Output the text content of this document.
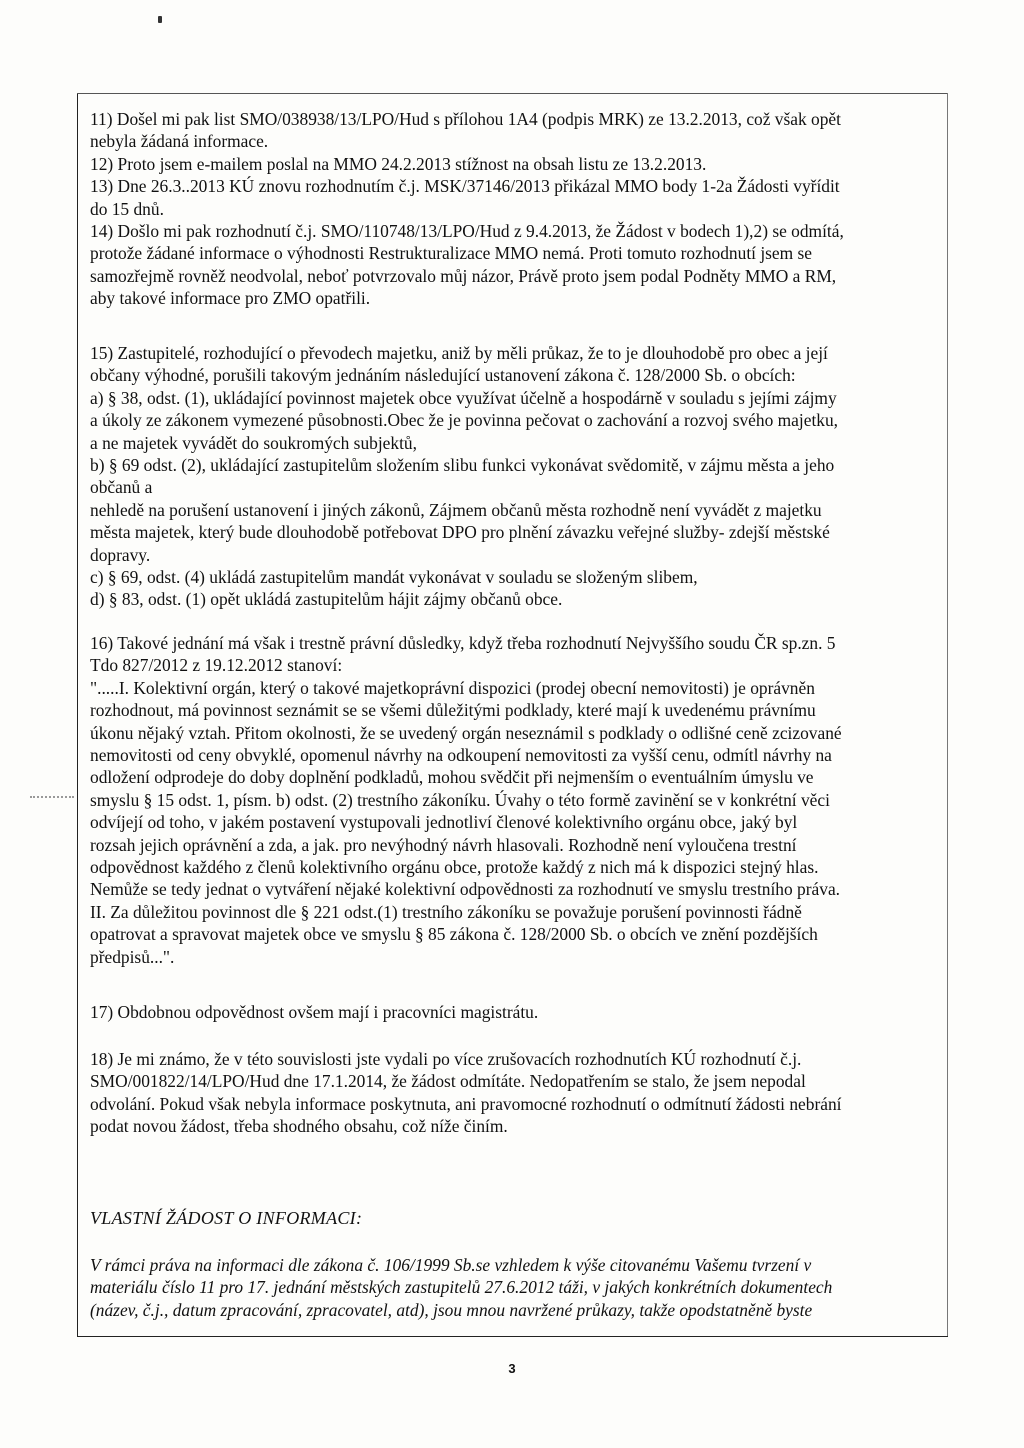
11) Došel mi pak list SMO/038938/13/LPO/Hud s přílohou 1A4 (podpis MRK) ze 13.2.2013, což však opět
nebyla žádaná informace.
12) Proto jsem e-mailem poslal na MMO 24.2.2013 stížnost na obsah listu ze 13.2.2013.
13) Dne 26.3..2013 KÚ znovu rozhodnutím č.j. MSK/37146/2013 přikázal MMO body 1-2a Žádosti vyřídit
do 15 dnů.
14) Došlo mi pak rozhodnutí č.j. SMO/110748/13/LPO/Hud z 9.4.2013, že Žádost v bodech 1),2) se odmítá,
protože žádané informace o výhodnosti Restrukturalizace MMO nemá. Proti tomuto rozhodnutí jsem se
samozřejmě rovněž neodvolal, neboť potvrzovalo můj názor, Právě proto jsem podal Podněty MMO a RM,
aby takové informace pro ZMO opatřili.

15) Zastupitelé, rozhodující o převodech majetku, aniž by měli průkaz, že to je dlouhodobě pro obec a její
občany výhodné, porušili takovým jednáním následující ustanovení zákona č. 128/2000 Sb. o obcích:
a) § 38, odst. (1), ukládající povinnost majetek obce využívat účelně a hospodárně v souladu s jejími zájmy
a úkoly ze zákonem vymezené působnosti.Obec že je povinna pečovat o zachování a rozvoj svého majetku,
a ne majetek vyvádět do soukromých subjektů,
b) § 69 odst. (2), ukládající zastupitelům složením slibu funkci vykonávat svědomitě, v zájmu města a jeho
občanů a
nehledě na porušení ustanovení i jiných zákonů, Zájmem občanů města rozhodně není vyvádět z majetku
města majetek, který bude dlouhodobě potřebovat DPO pro plnění závazku veřejné služby- zdejší městské
dopravy.
c) § 69, odst. (4) ukládá zastupitelům mandát vykonávat v souladu se složeným slibem,
d) § 83, odst. (1) opět ukládá zastupitelům hájit zájmy občanů obce.

16) Takové jednání má však i trestně právní důsledky, když třeba rozhodnutí Nejvyššího soudu ČR sp.zn. 5
Tdo 827/2012 z 19.12.2012 stanoví:
".....I. Kolektivní orgán, který o takové majetkoprávní dispozici (prodej obecní nemovitosti) je oprávněn
rozhodnout, má povinnost seznámit se se všemi důležitými podklady, které mají k uvedenému právnímu
úkonu nějaký vztah. Přitom okolnosti, že se uvedený orgán neseznámil s podklady o odlišné ceně zcizované
nemovitosti od ceny obvyklé, opomenul návrhy na odkoupení nemovitosti za vyšší cenu, odmítl návrhy na
odložení odprodeje do doby doplnění podkladů, mohou svědčit při nejmenším o eventuálním úmyslu ve
smyslu § 15 odst. 1, písm. b) odst. (2) trestního zákoníku. Úvahy o této formě zavinění se v konkrétní věci
odvíjejí od toho, v jakém postavení vystupovali jednotliví členové kolektivního orgánu obce, jaký byl
rozsah jejich oprávnění a zda, a jak. pro nevýhodný návrh hlasovali. Rozhodně není vyloučena trestní
odpovědnost každého z členů kolektivního orgánu obce, protože každý z nich má k dispozici stejný hlas.
Nemůže se tedy jednat o vytváření nějaké kolektivní odpovědnosti za rozhodnutí ve smyslu trestního práva.
II. Za důležitou povinnost dle § 221 odst.(1) trestního zákoníku se považuje porušení povinnosti řádně
opatrovat a spravovat majetek obce ve smyslu § 85 zákona č. 128/2000 Sb. o obcích ve znění pozdějších
předpisů...".

17) Obdobnou odpovědnost ovšem mají i pracovníci magistrátu.

18) Je mi známo, že v této souvislosti jste vydali po více zrušovacích rozhodnutích KÚ rozhodnutí č.j.
SMO/001822/14/LPO/Hud dne 17.1.2014, že žádost odmítáte. Nedopatřením se stalo, že jsem nepodal
odvolání. Pokud však nebyla informace poskytnuta, ani pravomocné rozhodnutí o odmítnutí žádosti nebrání
podat novou žádost, třeba shodného obsahu, což níže činím.

VLASTNÍ ŽÁDOST O INFORMACI:

V rámci práva na informaci dle zákona č. 106/1999 Sb.se vzhledem k výše citovanému Vašemu tvrzení v
materiálu číslo 11 pro 17. jednání městských zastupitelů 27.6.2012 táži, v jakých konkrétních dokumentech
(název, č.j., datum zpracování, zpracovatel, atd), jsou mnou navržené průkazy, takže opodstatněně byste

3
